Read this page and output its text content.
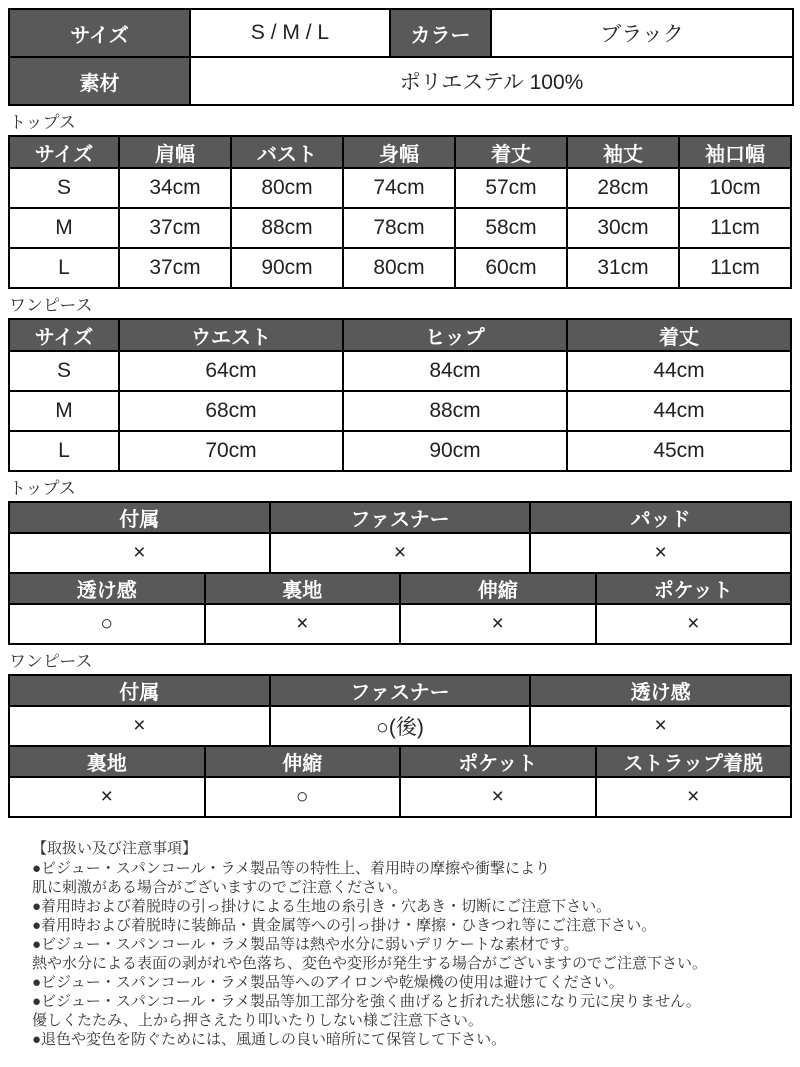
サイズ	S / M / L	カラー	ブラック
素材	ポリエステル 100%		
トップス
サイズ	肩幅	バスト	身幅	着丈	袖丈	袖口幅
S	34cm	80cm	74cm	57cm	28cm	10cm
M	37cm	88cm	78cm	58cm	30cm	11cm
L	37cm	90cm	80cm	60cm	31cm	11cm
ワンピース
サイズ	ウエスト	ヒップ	着丈
S	64cm	84cm	44cm
M	68cm	88cm	44cm
L	70cm	90cm	45cm
トップス
付属	ファスナー	パッド
×	×	×
透け感	裏地	伸縮	ポケット
○	×	×	×
ワンピース
付属	ファスナー	透け感
×	○(後)	×
裏地	伸縮	ポケット	ストラップ着脱
×	○	×	×
【取扱い及び注意事項】
●ビジュー・スパンコール・ラメ製品等の特性上、着用時の摩擦や衝撃により
肌に刺激がある場合がございますのでご注意ください。
●着用時および着脱時の引っ掛けによる生地の糸引き・穴あき・切断にご注意下さい。
●着用時および着脱時に装飾品・貴金属等への引っ掛け・摩擦・ひきつれ等にご注意下さい。
●ビジュー・スパンコール・ラメ製品等は熱や水分に弱いデリケートな素材です。
熱や水分による表面の剥がれや色落ち、変色や変形が発生する場合がございますのでご注意下さい。
●ビジュー・スパンコール・ラメ製品等へのアイロンや乾燥機の使用は避けてください。
●ビジュー・スパンコール・ラメ製品等加工部分を強く曲げると折れた状態になり元に戻りません。
優しくたたみ、上から押さえたり叩いたりしない様ご注意下さい。
●退色や変色を防ぐためには、風通しの良い暗所にて保管して下さい。
